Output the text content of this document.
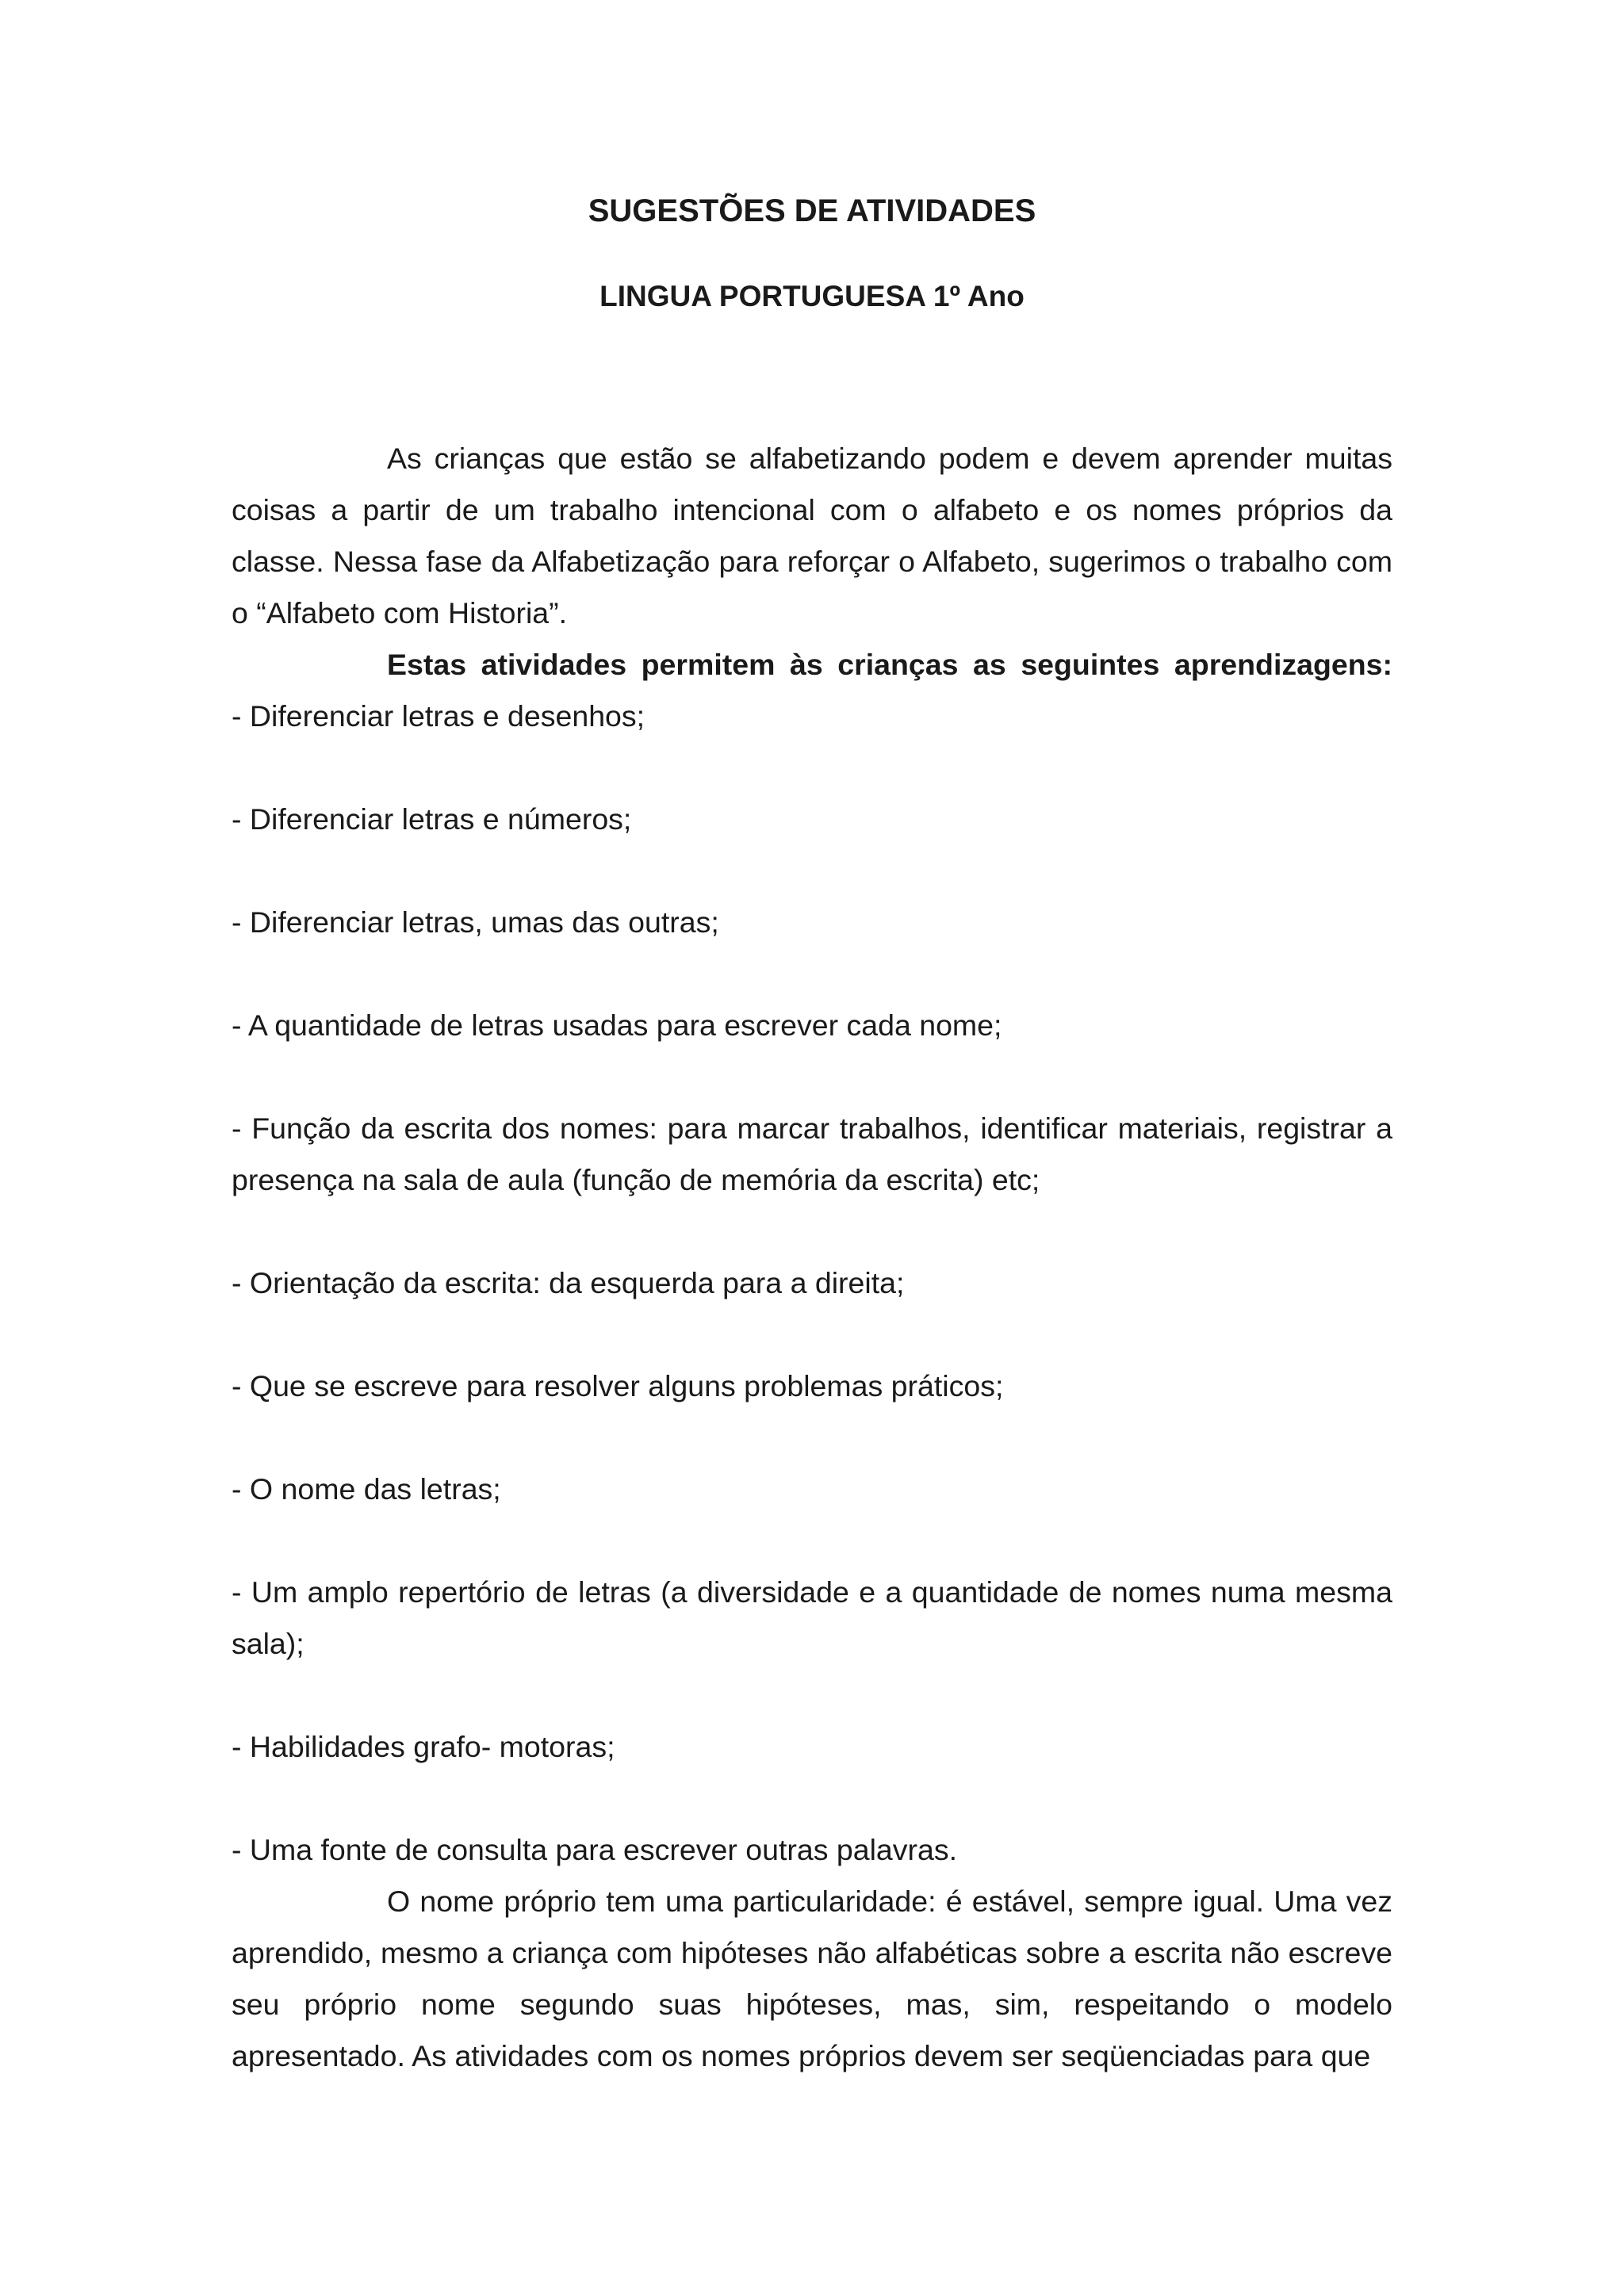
SUGESTÕES DE ATIVIDADES
LINGUA PORTUGUESA 1º Ano

As crianças que estão se alfabetizando podem e devem aprender muitas coisas a partir de um trabalho intencional com o alfabeto e os nomes próprios da classe. Nessa fase da Alfabetização para reforçar o Alfabeto, sugerimos o trabalho com o “Alfabeto com Historia”.

Estas atividades permitem às crianças as seguintes aprendizagens:

- Diferenciar letras e desenhos;
- Diferenciar letras e números;
- Diferenciar letras, umas das outras;
- A quantidade de letras usadas para escrever cada nome;
- Função da escrita dos nomes: para marcar trabalhos, identificar materiais, registrar a presença na sala de aula (função de memória da escrita) etc;
- Orientação da escrita: da esquerda para a direita;
- Que se escreve para resolver alguns problemas práticos;
- O nome das letras;
- Um amplo repertório de letras (a diversidade e a quantidade de nomes numa mesma sala);
- Habilidades grafo- motoras;
- Uma fonte de consulta para escrever outras palavras.

O nome próprio tem uma particularidade: é estável, sempre igual. Uma vez aprendido, mesmo a criança com hipóteses não alfabéticas sobre a escrita não escreve seu próprio nome segundo suas hipóteses, mas, sim, respeitando o modelo apresentado. As atividades com os nomes próprios devem ser seqüenciadas para que
